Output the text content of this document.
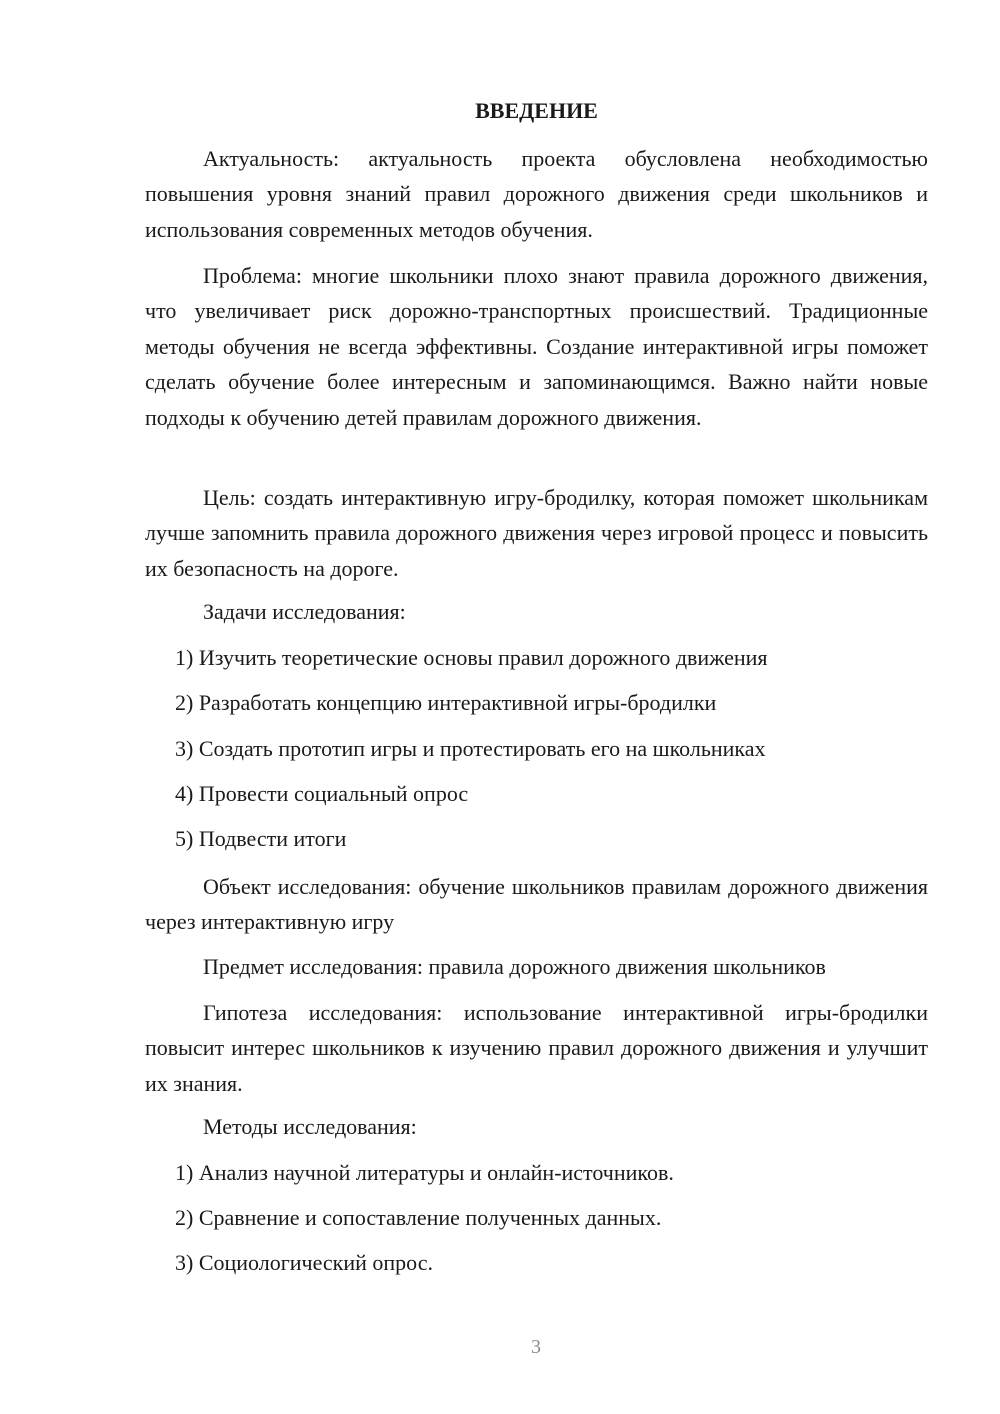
ВВЕДЕНИЕ

Актуальность: актуальность проекта обусловлена необходимостью повышения уровня знаний правил дорожного движения среди школьников и использования современных методов обучения.

Проблема: многие школьники плохо знают правила дорожного движения, что увеличивает риск дорожно-транспортных происшествий. Традиционные методы обучения не всегда эффективны. Создание интерактивной игры поможет сделать обучение более интересным и запоминающимся. Важно найти новые подходы к обучению детей правилам дорожного движения.

Цель: создать интерактивную игру-бродилку, которая поможет школьникам лучше запомнить правила дорожного движения через игровой процесс и повысить их безопасность на дороге.

Задачи исследования:
1) Изучить теоретические основы правил дорожного движения
2) Разработать концепцию интерактивной игры-бродилки
3) Создать прототип игры и протестировать его на школьниках
4) Провести социальный опрос
5) Подвести итоги

Объект исследования: обучение школьников правилам дорожного движения через интерактивную игру

Предмет исследования: правила дорожного движения школьников

Гипотеза исследования: использование интерактивной игры-бродилки повысит интерес школьников к изучению правил дорожного движения и улучшит их знания.

Методы исследования:
1) Анализ научной литературы и онлайн-источников.
2) Сравнение и сопоставление полученных данных.
3) Социологический опрос.
3
